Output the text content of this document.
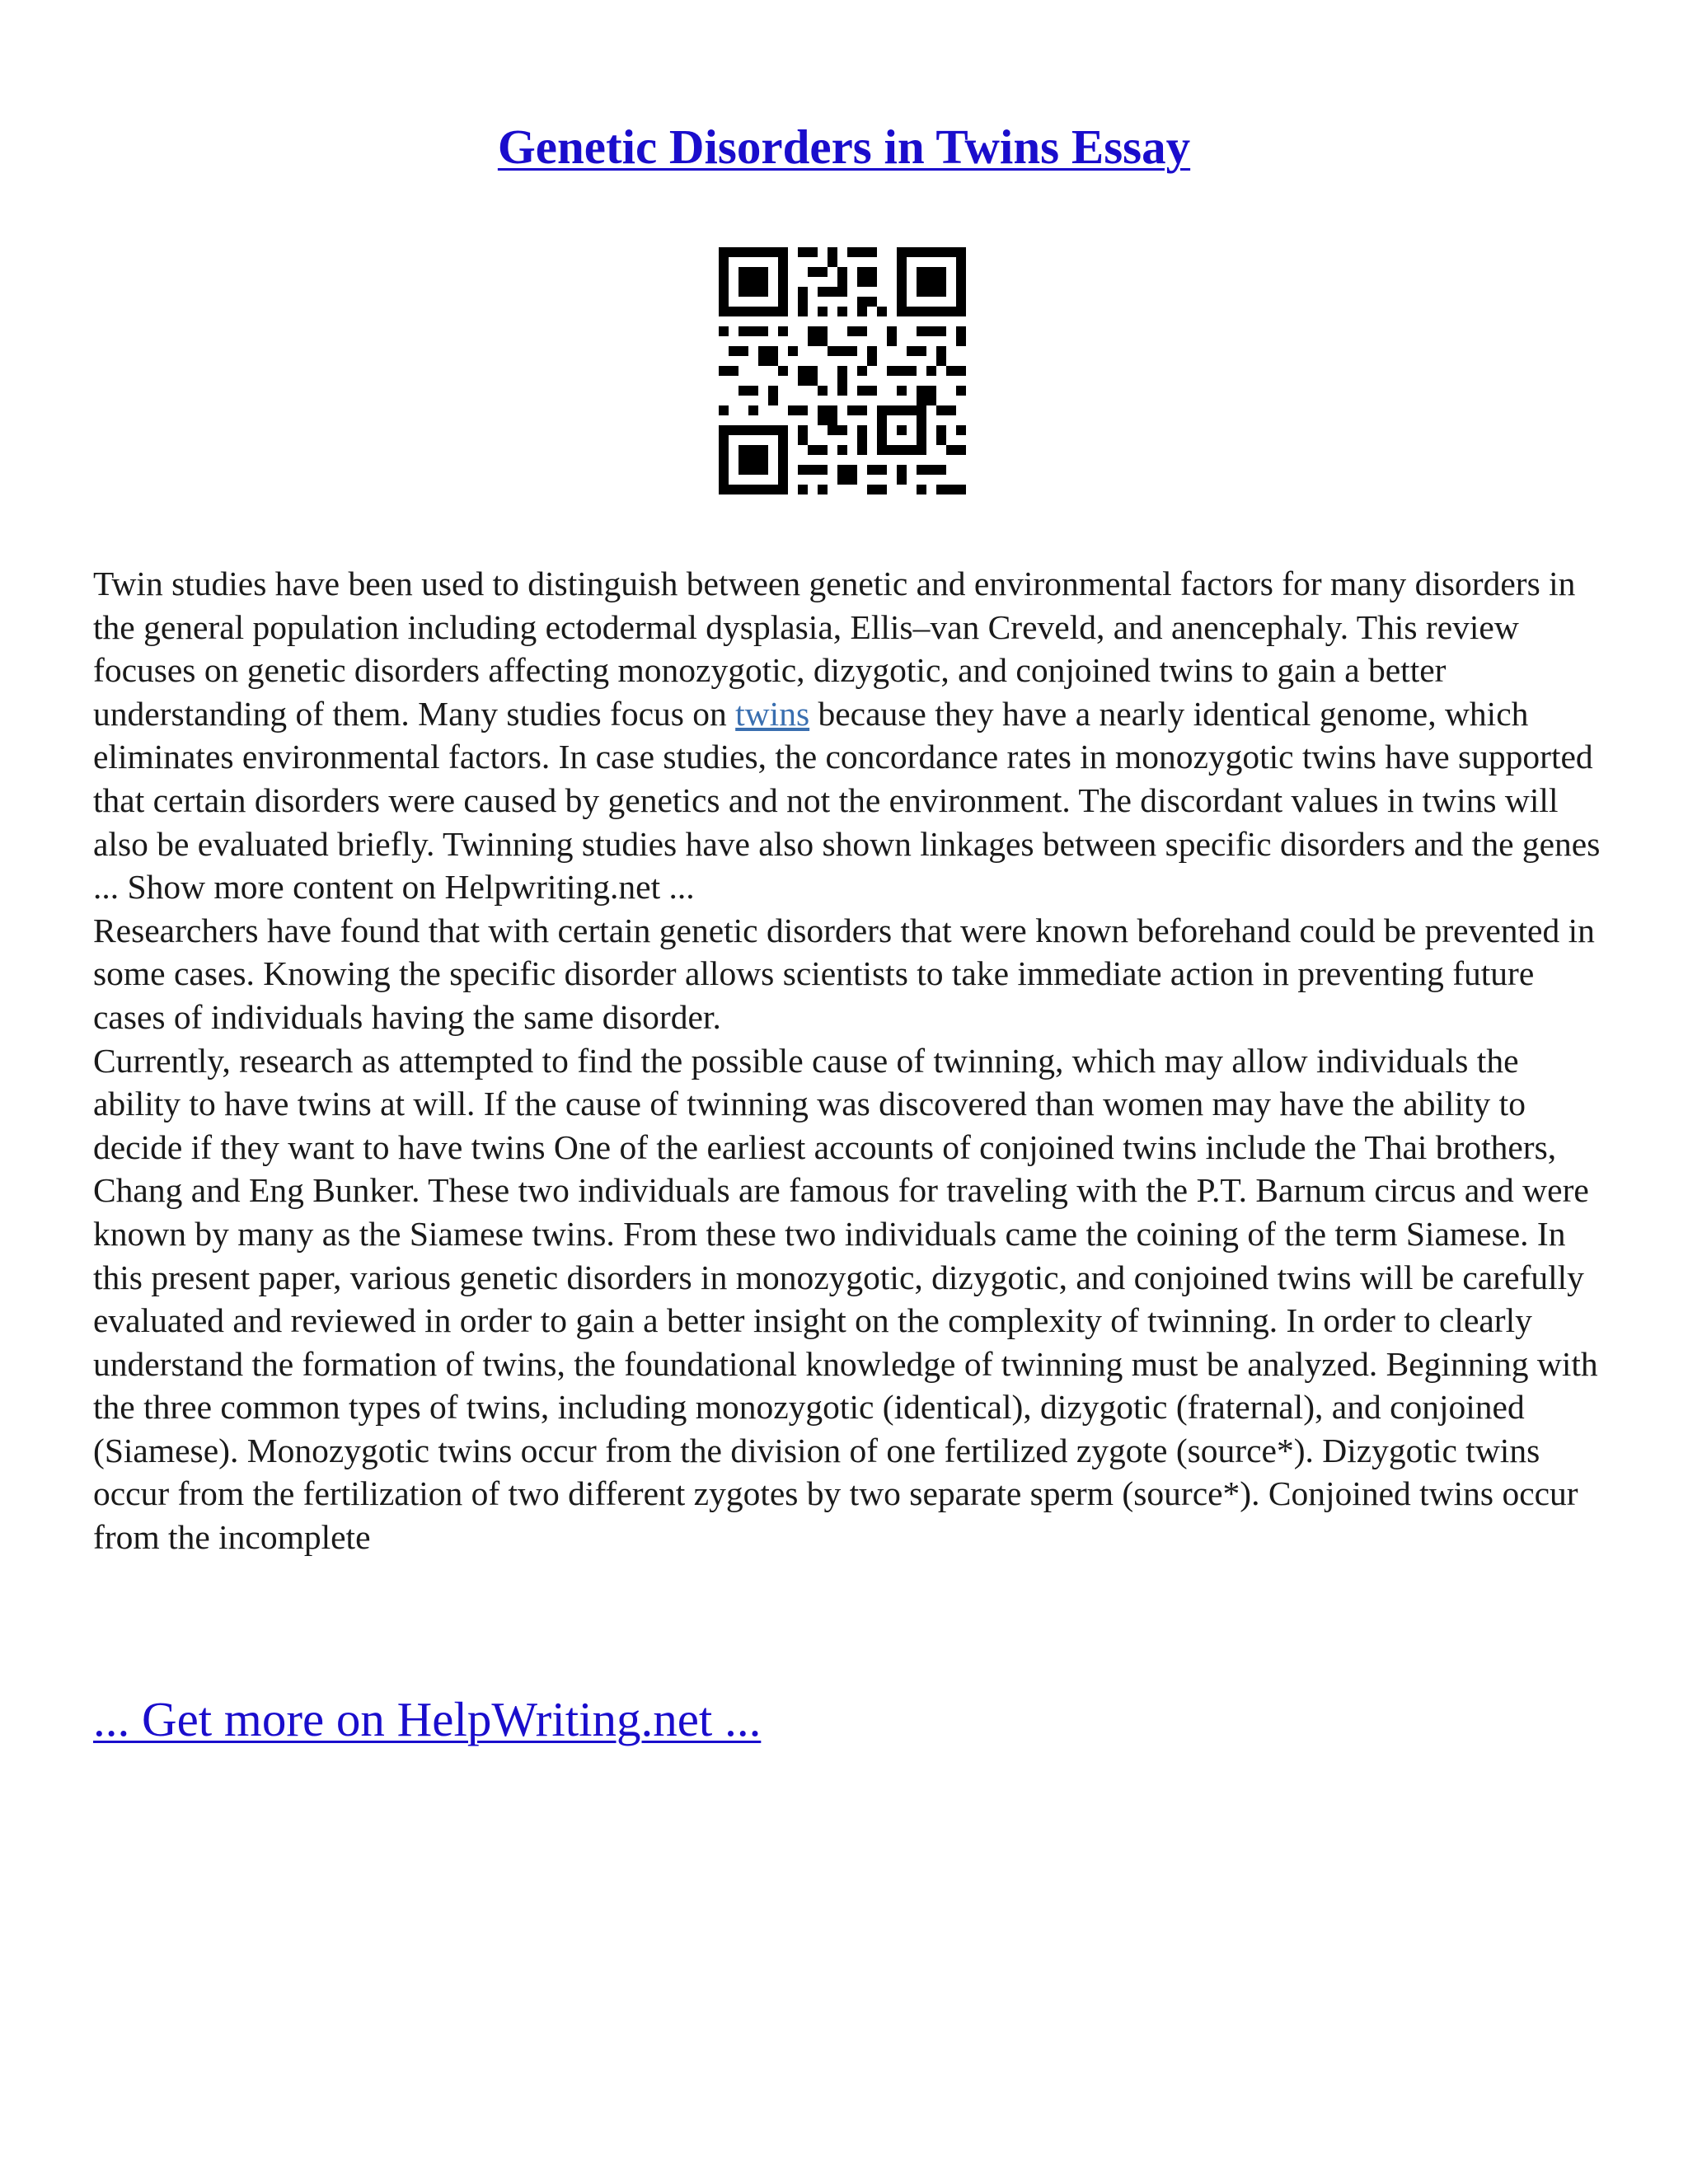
Genetic Disorders in Twins Essay

Twin studies have been used to distinguish between genetic and environmental factors for many disorders in the general population including ectodermal dysplasia, Ellis–van Creveld, and anencephaly. This review focuses on genetic disorders affecting monozygotic, dizygotic, and conjoined twins to gain a better understanding of them. Many studies focus on twins because they have a nearly identical genome, which eliminates environmental factors. In case studies, the concordance rates in monozygotic twins have supported that certain disorders were caused by genetics and not the environment. The discordant values in twins will also be evaluated briefly. Twinning studies have also shown linkages between specific disorders and the genes ... Show more content on Helpwriting.net ...

Researchers have found that with certain genetic disorders that were known beforehand could be prevented in some cases. Knowing the specific disorder allows scientists to take immediate action in preventing future cases of individuals having the same disorder.

Currently, research as attempted to find the possible cause of twinning, which may allow individuals the ability to have twins at will. If the cause of twinning was discovered than women may have the ability to decide if they want to have twins One of the earliest accounts of conjoined twins include the Thai brothers, Chang and Eng Bunker. These two individuals are famous for traveling with the P.T. Barnum circus and were known by many as the Siamese twins. From these two individuals came the coining of the term Siamese. In this present paper, various genetic disorders in monozygotic, dizygotic, and conjoined twins will be carefully evaluated and reviewed in order to gain a better insight on the complexity of twinning. In order to clearly understand the formation of twins, the foundational knowledge of twinning must be analyzed. Beginning with the three common types of twins, including monozygotic (identical), dizygotic (fraternal), and conjoined (Siamese). Monozygotic twins occur from the division of one fertilized zygote (source*). Dizygotic twins occur from the fertilization of two different zygotes by two separate sperm (source*). Conjoined twins occur from the incomplete

... Get more on HelpWriting.net ...
